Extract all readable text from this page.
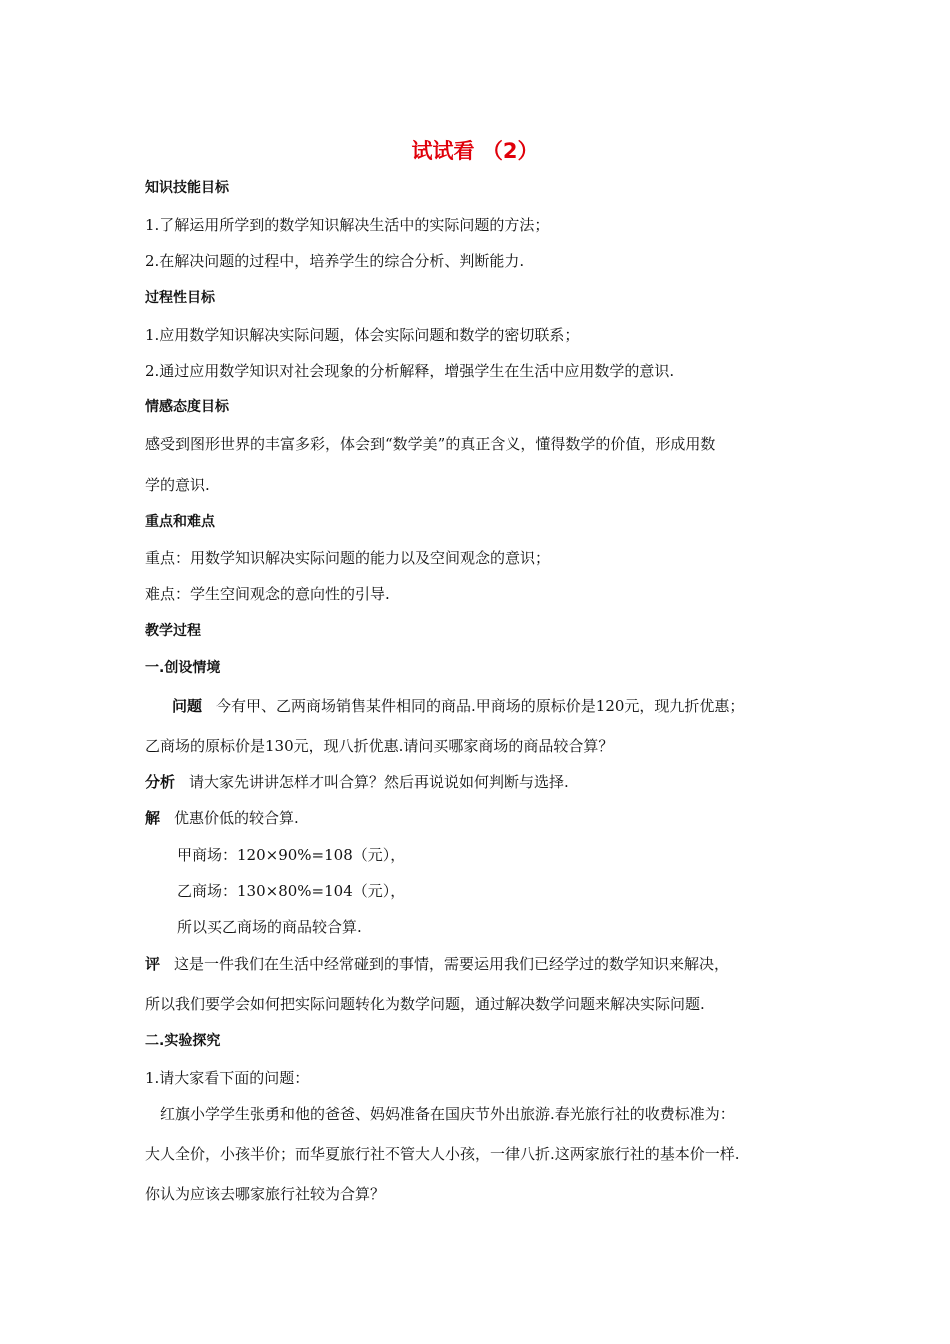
试试看 （2）
知识技能目标
1.了解运用所学到的数学知识解决生活中的实际问题的方法；
2.在解决问题的过程中，培养学生的综合分析、判断能力.
过程性目标
1.应用数学知识解决实际问题，体会实际问题和数学的密切联系；
2.通过应用数学知识对社会现象的分析解释，增强学生在生活中应用数学的意识.
情感态度目标
感受到图形世界的丰富多彩，体会到“数学美”的真正含义，懂得数学的价值，形成用数
学的意识.
重点和难点
重点：用数学知识解决实际问题的能力以及空间观念的意识；
难点：学生空间观念的意向性的引导.
教学过程
一.创设情境
问题 今有甲、乙两商场销售某件相同的商品.甲商场的原标价是120元，现九折优惠；
乙商场的原标价是130元，现八折优惠.请问买哪家商场的商品较合算？
分析 请大家先讲讲怎样才叫合算？然后再说说如何判断与选择.
解 优惠价低的较合算.
甲商场：120×90%=108（元），
乙商场：130×80%=104（元），
所以买乙商场的商品较合算.
评 这是一件我们在生活中经常碰到的事情，需要运用我们已经学过的数学知识来解决，
所以我们要学会如何把实际问题转化为数学问题，通过解决数学问题来解决实际问题.
二.实验探究
1.请大家看下面的问题：
红旗小学学生张勇和他的爸爸、妈妈准备在国庆节外出旅游.春光旅行社的收费标准为：
大人全价，小孩半价；而华夏旅行社不管大人小孩，一律八折.这两家旅行社的基本价一样.
你认为应该去哪家旅行社较为合算？
